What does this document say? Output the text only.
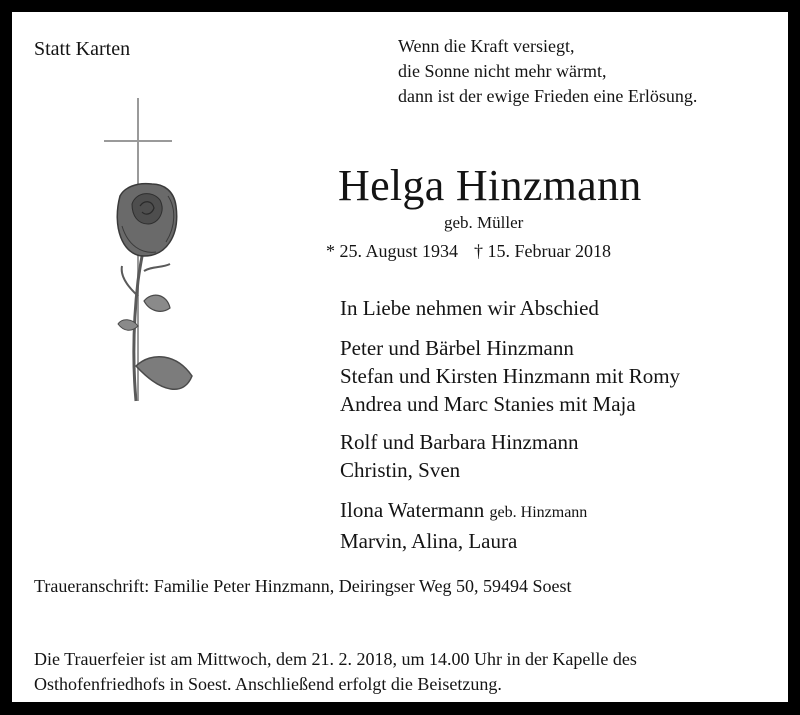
Statt Karten	Wenn die Kraft versiegt,
die Sonne nicht mehr wärmt,
dann ist der ewige Frieden eine Erlösung.
Helga Hinzmann
geb. Müller
* 25. August 1934 † 15. Februar 2018
In Liebe nehmen wir Abschied
Peter und Bärbel Hinzmann
Stefan und Kirsten Hinzmann mit Romy
Andrea und Marc Stanies mit Maja
Rolf und Barbara Hinzmann
Christin, Sven
Ilona Watermann geb. Hinzmann
Marvin, Alina, Laura
Traueranschrift: Familie Peter Hinzmann, Deiringser Weg 50, 59494 Soest
Die Trauerfeier ist am Mittwoch, dem 21. 2. 2018, um 14.00 Uhr in der Kapelle des
Osthofenfriedhofs in Soest. Anschließend erfolgt die Beisetzung.
